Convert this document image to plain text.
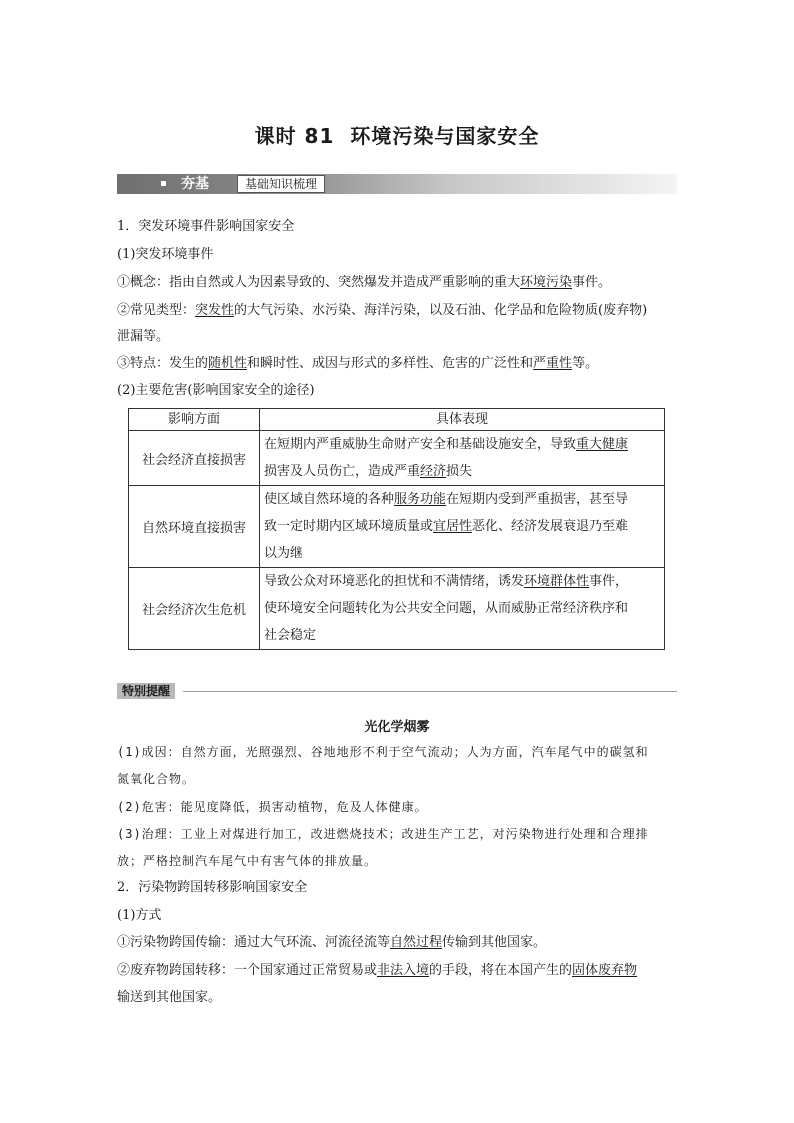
课时 81 环境污染与国家安全
夯基	基础知识梳理
1．突发环境事件影响国家安全
(1)突发环境事件
①概念：指由自然或人为因素导致的、突然爆发并造成严重影响的重大环境污染事件。
②常见类型：突发性的大气污染、水污染、海洋污染，以及石油、化学品和危险物质(废弃物)
泄漏等。
③特点：发生的随机性和瞬时性、成因与形式的多样性、危害的广泛性和严重性等。
(2)主要危害(影响国家安全的途径)
影响方面	具体表现
社会经济直接损害	在短期内严重威胁生命财产安全和基础设施安全，导致重大健康
损害及人员伤亡，造成严重经济损失
自然环境直接损害	使区域自然环境的各种服务功能在短期内受到严重损害，甚至导
致一定时期内区域环境质量或宜居性恶化、经济发展衰退乃至难
以为继
社会经济次生危机	导致公众对环境恶化的担忧和不满情绪，诱发环境群体性事件，
使环境安全问题转化为公共安全问题，从而威胁正常经济秩序和
社会稳定
特别提醒
光化学烟雾
(1)成因：自然方面，光照强烈、谷地地形不利于空气流动；人为方面，汽车尾气中的碳氢和
氮氧化合物。
(2)危害：能见度降低，损害动植物，危及人体健康。
(3)治理：工业上对煤进行加工，改进燃烧技术；改进生产工艺，对污染物进行处理和合理排
放；严格控制汽车尾气中有害气体的排放量。
2．污染物跨国转移影响国家安全
(1)方式
①污染物跨国传输：通过大气环流、河流径流等自然过程传输到其他国家。
②废弃物跨国转移：一个国家通过正常贸易或非法入境的手段，将在本国产生的固体废弃物
输送到其他国家。
